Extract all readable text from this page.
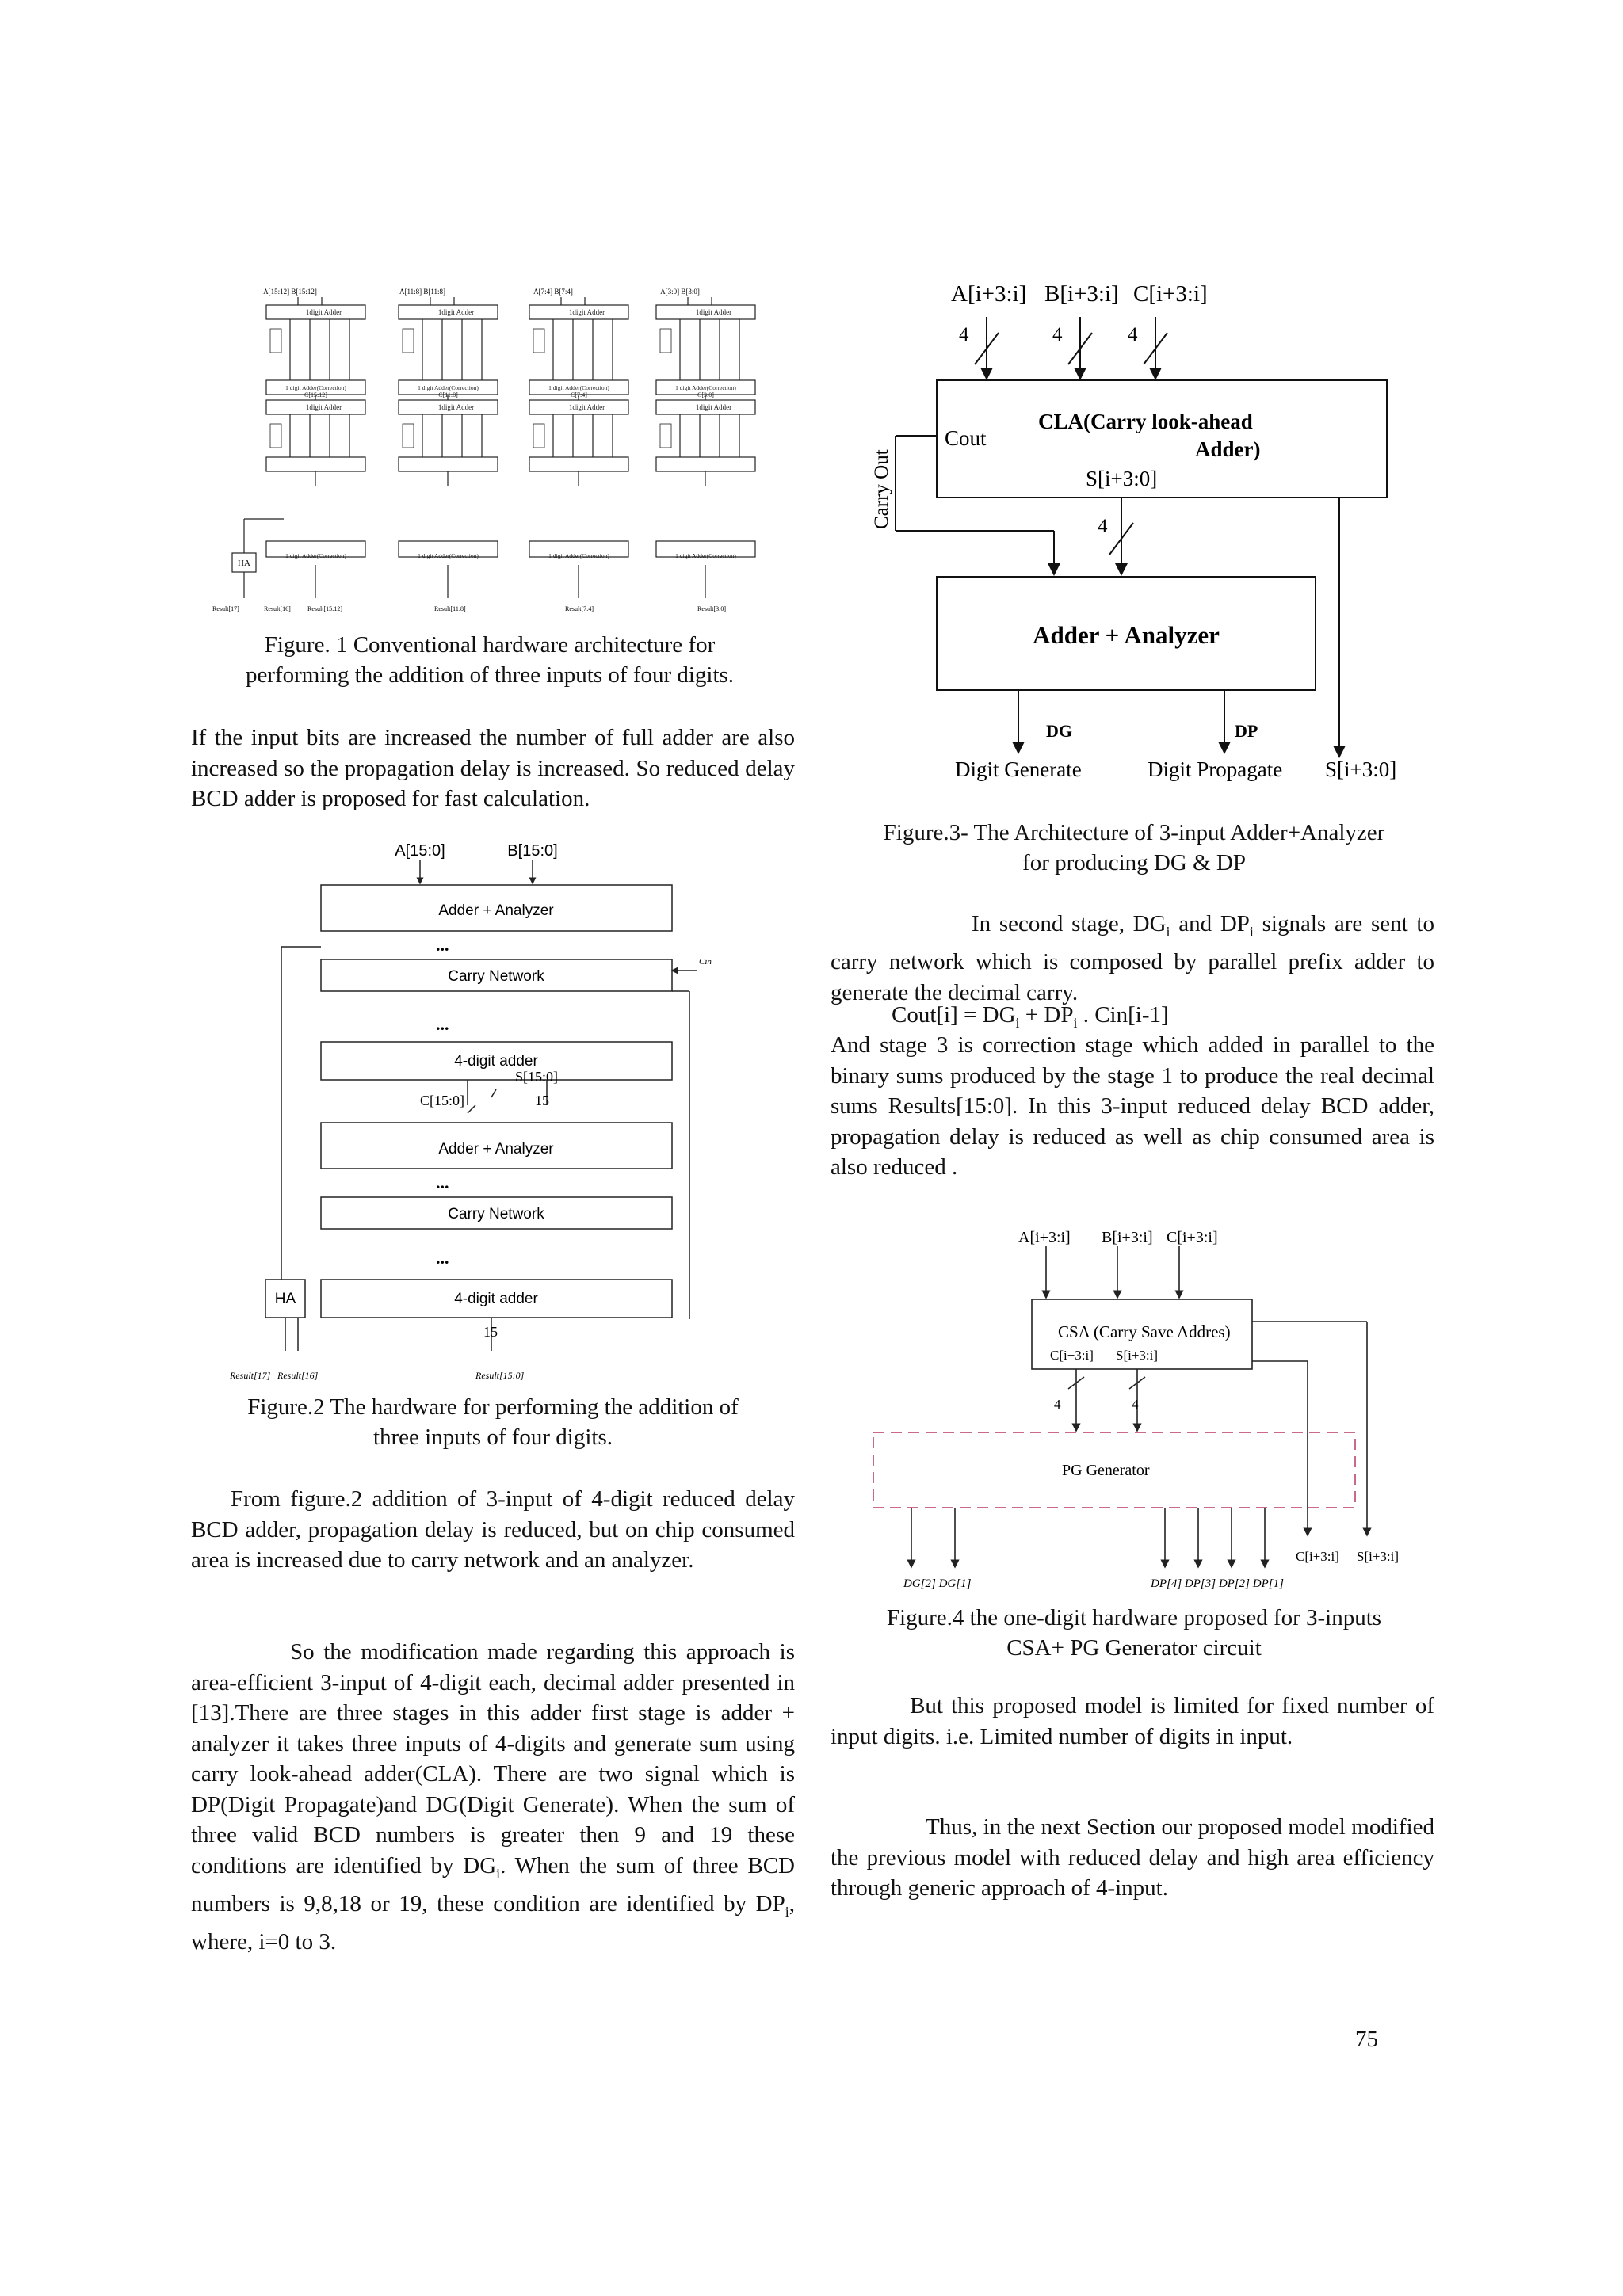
A[15:12] B[15:12]	A[11:8] B[11:8]	A[7:4] B[7:4]	A[3:0] B[3:0]
HA
Result[17]	Result[16]	Result[15:12]	Result[11:8]	Result[7:4]	Result[3:0]
1digit Adder
1digit Adder
1 digit Adder(Correction)
1 digit Adder(Correction)
C[15:12]
1digit Adder
1digit Adder
1 digit Adder(Correction)
1 digit Adder(Correction)
C[11:8]
1digit Adder
1digit Adder
1 digit Adder(Correction)
1 digit Adder(Correction)
C[7:4]
1digit Adder
1digit Adder
1 digit Adder(Correction)
1 digit Adder(Correction)
C[3:0]
Figure. 1 Conventional hardware architecture for
performing the addition of three inputs of four digits.
If the input bits are increased the number of full adder are also increased so the propagation delay is increased. So reduced delay BCD adder is proposed for fast calculation.
A[15:0]	B[15:0]
Adder + Analyzer
Carry Network
4-digit adder
S[15:0]
C[15:0]	15
Adder + Analyzer
Carry Network
4-digit adder
HA
15
Cin
...
...
...
...
Result[17] Result[16]	Result[15:0]
Figure.2 The hardware for performing the addition of
three inputs of four digits.
From figure.2 addition of 3-input of 4-digit reduced delay BCD adder, propagation delay is reduced, but on chip consumed area is increased due to carry network and an analyzer.
So the modification made regarding this approach is area-efficient 3-input of 4-digit each, decimal adder presented in [13].There are three stages in this adder first stage is adder + analyzer it takes three inputs of 4-digits and generate sum using carry look-ahead adder(CLA). There are two signal which is DP(Digit Propagate)and DG(Digit Generate). When the sum of three valid BCD numbers is greater then 9 and 19 these conditions are identified by $DG_i$. When the sum of three BCD numbers is 9,8,18 or 19, these condition are identified by $DP_i$, where, i=0 to 3.
A[i+3:i] B[i+3:i] C[i+3:i]
4	4	4
CLA(Carry look-ahead
Adder)
Cout
S[i+3:0]
Carry Out	4
Adder + Analyzer
DG	DP
Digit Generate	Digit Propagate S[i+3:0]
Figure.3- The Architecture of 3-input Adder+Analyzer
for producing DG & DP
In second stage, $DG_i$ and $DP_i$ signals are sent to carry network which is composed by parallel prefix adder to generate the decimal carry.
Cout[i] = $DG_i + DP_i$ . Cin[i-1]
And stage 3 is correction stage which added in parallel to the binary sums produced by the stage 1 to produce the real decimal sums Results[15:0]. In this 3-input reduced delay BCD adder, propagation delay is reduced as well as chip consumed area is also reduced .
A[i+3:i] B[i+3:i] C[i+3:i]
CSA (Carry Save Addres)
C[i+3:i] S[i+3:i]
4	4
PG Generator
C[i+3:i] S[i+3:i]
DG[2] DG[1]	DP[4] DP[3] DP[2] DP[1]
Figure.4 the one-digit hardware proposed for 3-inputs
CSA+ PG Generator circuit
But this proposed model is limited for fixed number of input digits. i.e. Limited number of digits in input.
Thus, in the next Section our proposed model modified the previous model with reduced delay and high area efficiency through generic approach of 4-input.
75
